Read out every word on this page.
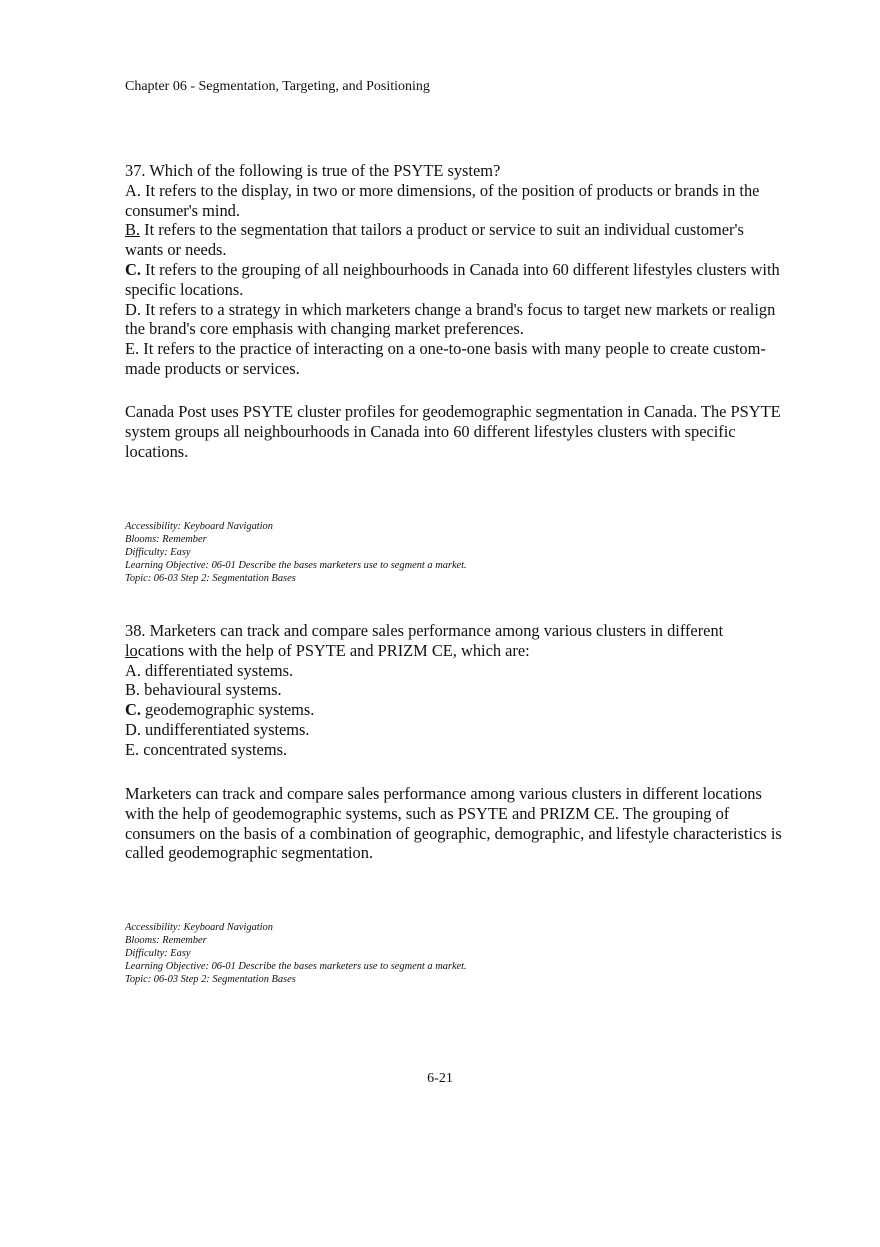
Chapter 06 - Segmentation, Targeting, and Positioning

37. Which of the following is true of the PSYTE system?

A. It refers to the display, in two or more dimensions, of the position of products or brands in the consumer's mind.

B. It refers to the segmentation that tailors a product or service to suit an individual customer's wants or needs.

C. It refers to the grouping of all neighbourhoods in Canada into 60 different lifestyles clusters with specific locations.

D. It refers to a strategy in which marketers change a brand's focus to target new markets or realign the brand's core emphasis with changing market preferences.

E. It refers to the practice of interacting on a one-to-one basis with many people to create custom-made products or services.

Canada Post uses PSYTE cluster profiles for geodemographic segmentation in Canada. The PSYTE system groups all neighbourhoods in Canada into 60 different lifestyles clusters with specific locations.

Accessibility: Keyboard Navigation

Blooms: Remember

Difficulty: Easy

Learning Objective: 06-01 Describe the bases marketers use to segment a market.

Topic: 06-03 Step 2: Segmentation Bases

38. Marketers can track and compare sales performance among various clusters in different locations with the help of PSYTE and PRIZM CE, which are:

A. differentiated systems.

B. behavioural systems.

C. geodemographic systems.

D. undifferentiated systems.

E. concentrated systems.

Marketers can track and compare sales performance among various clusters in different locations with the help of geodemographic systems, such as PSYTE and PRIZM CE. The grouping of consumers on the basis of a combination of geographic, demographic, and lifestyle characteristics is called geodemographic segmentation.

Accessibility: Keyboard Navigation

Blooms: Remember

Difficulty: Easy

Learning Objective: 06-01 Describe the bases marketers use to segment a market.

Topic: 06-03 Step 2: Segmentation Bases

6-21
